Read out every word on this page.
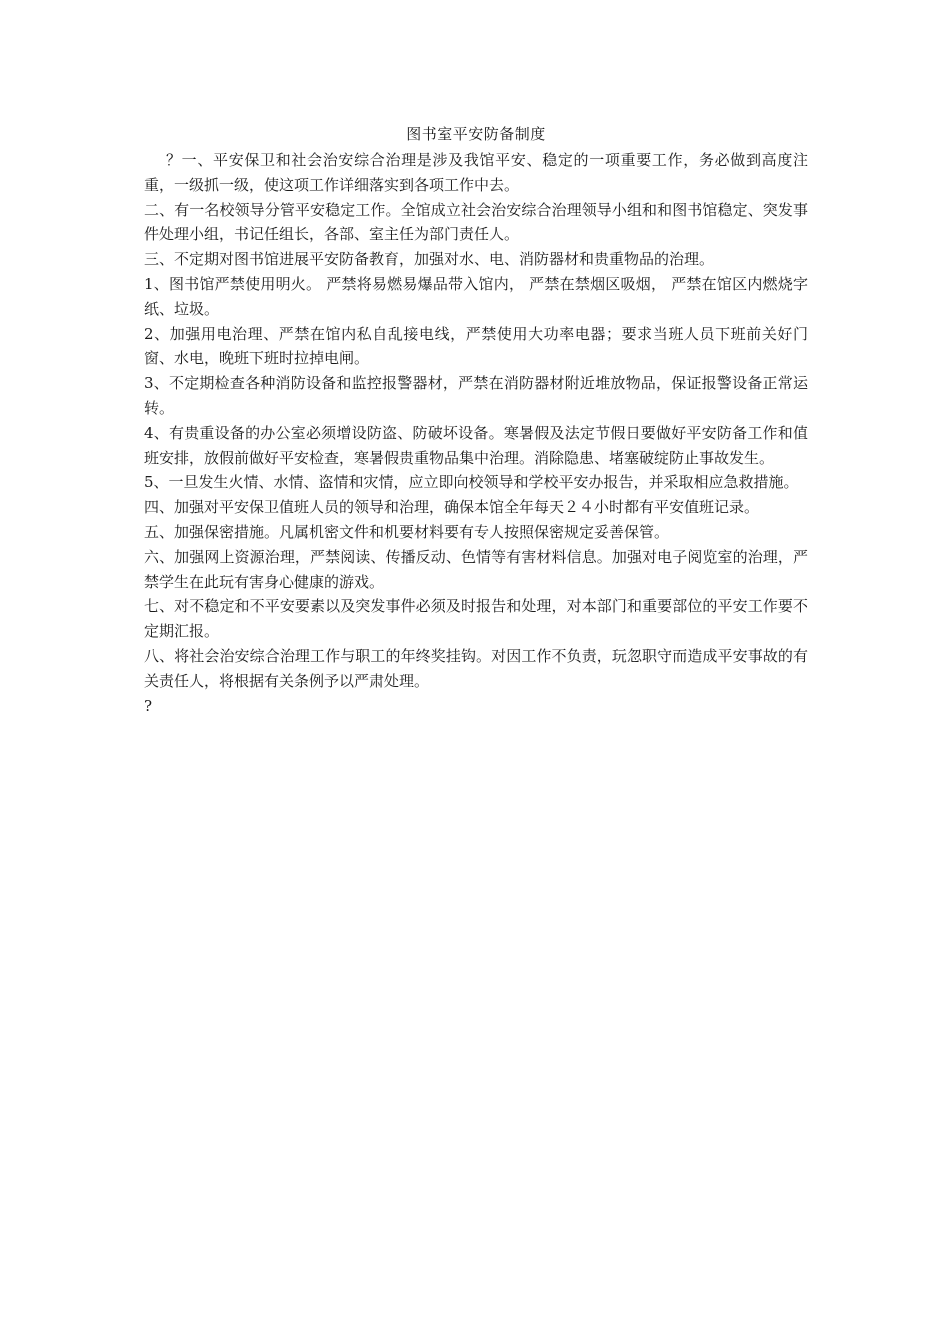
图书室平安防备制度

？一、平安保卫和社会治安综合治理是涉及我馆平安、稳定的一项重要工作，务必做到高度注重，一级抓一级，使这项工作详细落实到各项工作中去。

二、有一名校领导分管平安稳定工作。全馆成立社会治安综合治理领导小组和和图书馆稳定、突发事件处理小组，书记任组长，各部、室主任为部门责任人。

三、不定期对图书馆进展平安防备教育，加强对水、电、消防器材和贵重物品的治理。

1、图书馆严禁使用明火。 严禁将易燃易爆品带入馆内， 严禁在禁烟区吸烟， 严禁在馆区内燃烧字纸、垃圾。

2、加强用电治理、严禁在馆内私自乱接电线，严禁使用大功率电器；要求当班人员下班前关好门窗、水电，晚班下班时拉掉电闸。

3、不定期检查各种消防设备和监控报警器材，严禁在消防器材附近堆放物品，保证报警设备正常运转。

4、有贵重设备的办公室必须增设防盗、防破坏设备。寒暑假及法定节假日要做好平安防备工作和值班安排，放假前做好平安检查，寒暑假贵重物品集中治理。消除隐患、堵塞破绽防止事故发生。

5、一旦发生火情、水情、盗情和灾情，应立即向校领导和学校平安办报告，并采取相应急救措施。

四、加强对平安保卫值班人员的领导和治理，确保本馆全年每天２４小时都有平安值班记录。

五、加强保密措施。凡属机密文件和机要材料要有专人按照保密规定妥善保管。

六、加强网上资源治理，严禁阅读、传播反动、色情等有害材料信息。加强对电子阅览室的治理，严禁学生在此玩有害身心健康的游戏。

七、对不稳定和不平安要素以及突发事件必须及时报告和处理，对本部门和重要部位的平安工作要不定期汇报。

八、将社会治安综合治理工作与职工的年终奖挂钩。对因工作不负责，玩忽职守而造成平安事故的有关责任人，将根据有关条例予以严肃处理。

?
